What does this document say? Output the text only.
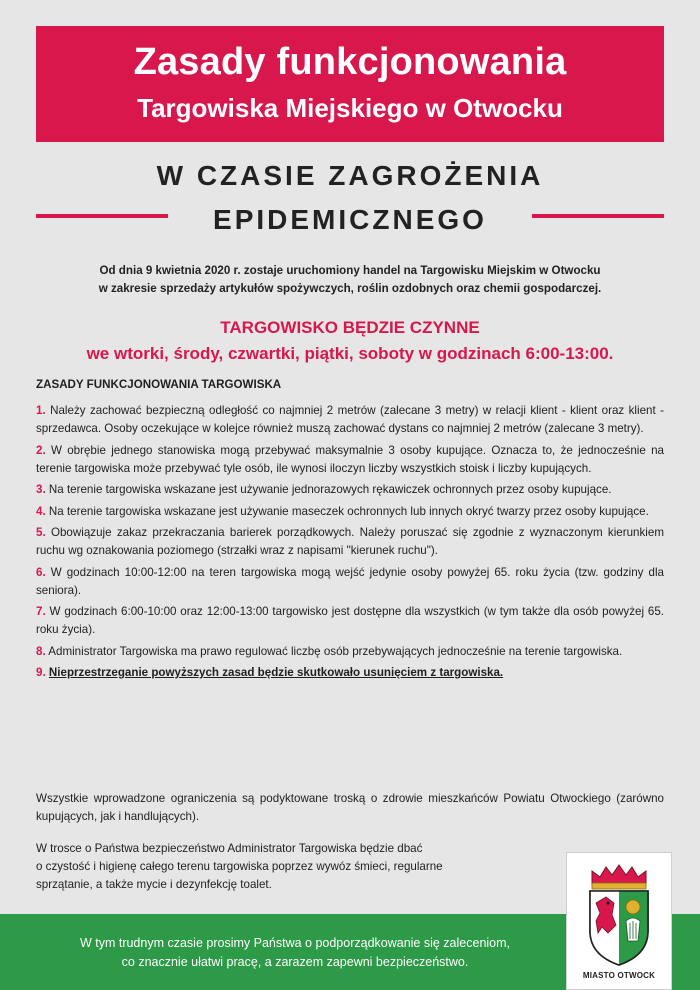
Zasady funkcjonowania
Targowiska Miejskiego w Otwocku
W CZASIE ZAGROŻENIA
EPIDEMICZNEGO
Od dnia 9 kwietnia 2020 r. zostaje uruchomiony handel na Targowisku Miejskim w Otwocku
w zakresie sprzedaży artykułów spożywczych, roślin ozdobnych oraz chemii gospodarczej.
TARGOWISKO BĘDZIE CZYNNE
we wtorki, środy, czwartki, piątki, soboty w godzinach 6:00-13:00.
ZASADY FUNKCJONOWANIA TARGOWISKA
1. Należy zachować bezpieczną odległość co najmniej 2 metrów (zalecane 3 metry) w relacji klient - klient oraz klient - sprzedawca. Osoby oczekujące w kolejce również muszą zachować dystans co najmniej 2 metrów (zalecane 3 metry).
2. W obrębie jednego stanowiska mogą przebywać maksymalnie 3 osoby kupujące. Oznacza to, że jednocześnie na terenie targowiska może przebywać tyle osób, ile wynosi iloczyn liczby wszystkich stoisk i liczby kupujących.
3. Na terenie targowiska wskazane jest używanie jednorazowych rękawiczek ochronnych przez osoby kupujące.
4. Na terenie targowiska wskazane jest używanie maseczek ochronnych lub innych okryć twarzy przez osoby kupujące.
5. Obowiązuje zakaz przekraczania barierek porządkowych. Należy poruszać się zgodnie z wyznaczonym kierunkiem ruchu wg oznakowania poziomego (strzałki wraz z napisami "kierunek ruchu").
6. W godzinach 10:00-12:00 na teren targowiska mogą wejść jedynie osoby powyżej 65. roku życia (tzw. godziny dla seniora).
7. W godzinach 6:00-10:00 oraz 12:00-13:00 targowisko jest dostępne dla wszystkich (w tym także dla osób powyżej 65. roku życia).
8. Administrator Targowiska ma prawo regulować liczbę osób przebywających jednocześnie na terenie targowiska.
9. Nieprzestrzeganie powyższych zasad będzie skutkowało usunięciem z targowiska.
Wszystkie wprowadzone ograniczenia są podyktowane troską o zdrowie mieszkańców Powiatu Otwockiego (zarówno kupujących, jak i handlujących).
W trosce o Państwa bezpieczeństwo Administrator Targowiska będzie dbać
o czystość i higienę całego terenu targowiska poprzez wywóz śmieci, regularne
sprzątanie, a także mycie i dezynfekcję toalet.
W tym trudnym czasie prosimy Państwa o podporządkowanie się zaleceniom,
co znacznie ułatwi pracę, a zarazem zapewni bezpieczeństwo.
MIASTO OTWOCK
